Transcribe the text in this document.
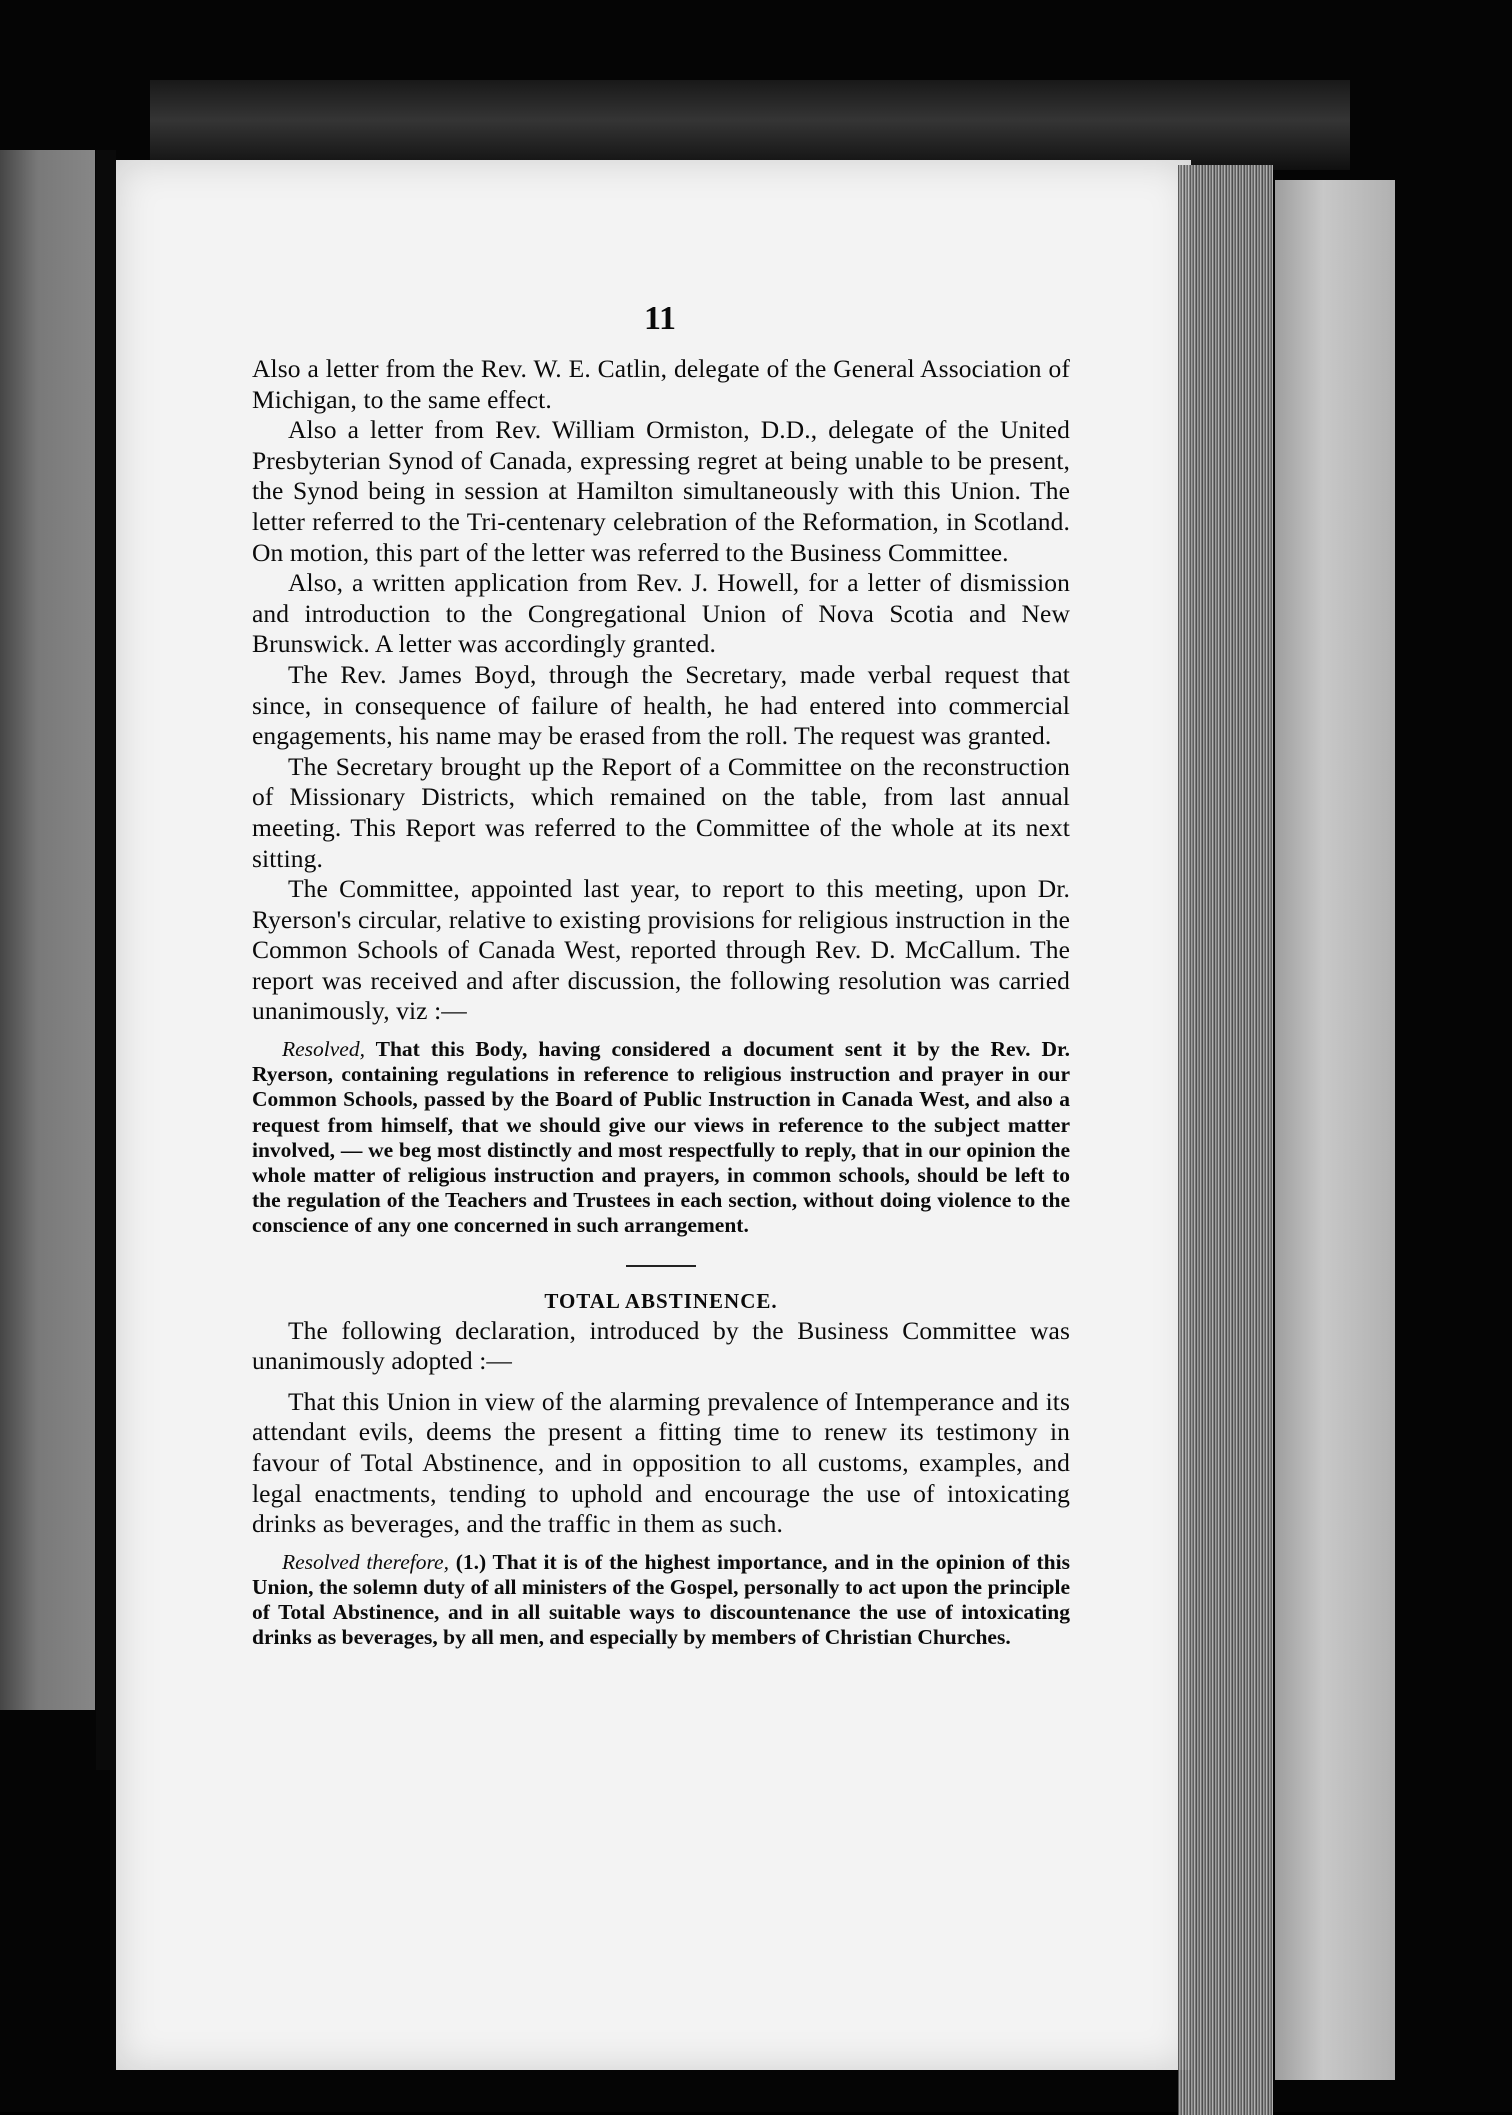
11

Also a letter from the Rev. W. E. Catlin, delegate of the General Association of Michigan, to the same effect.

Also a letter from Rev. William Ormiston, D.D., delegate of the United Presbyterian Synod of Canada, expressing regret at being unable to be present, the Synod being in session at Hamilton simultaneously with this Union. The letter referred to the Tri-centenary celebration of the Reformation, in Scotland. On motion, this part of the letter was referred to the Business Committee.

Also, a written application from Rev. J. Howell, for a letter of dismission and introduction to the Congregational Union of Nova Scotia and New Brunswick. A letter was accordingly granted.

The Rev. James Boyd, through the Secretary, made verbal request that since, in consequence of failure of health, he had entered into commercial engagements, his name may be erased from the roll. The request was granted.

The Secretary brought up the Report of a Committee on the reconstruction of Missionary Districts, which remained on the table, from last annual meeting. This Report was referred to the Committee of the whole at its next sitting.

The Committee, appointed last year, to report to this meeting, upon Dr. Ryerson's circular, relative to existing provisions for religious instruction in the Common Schools of Canada West, reported through Rev. D. McCallum. The report was received and after discussion, the following resolution was carried unanimously, viz :—

Resolved, That this Body, having considered a document sent it by the Rev. Dr. Ryerson, containing regulations in reference to religious instruction and prayer in our Common Schools, passed by the Board of Public Instruction in Canada West, and also a request from himself, that we should give our views in reference to the subject matter involved, — we beg most distinctly and most respectfully to reply, that in our opinion the whole matter of religious instruction and prayers, in common schools, should be left to the regulation of the Teachers and Trustees in each section, without doing violence to the conscience of any one concerned in such arrangement.

TOTAL ABSTINENCE.

The following declaration, introduced by the Business Committee was unanimously adopted :—

That this Union in view of the alarming prevalence of Intemperance and its attendant evils, deems the present a fitting time to renew its testimony in favour of Total Abstinence, and in opposition to all customs, examples, and legal enactments, tending to uphold and encourage the use of intoxicating drinks as beverages, and the traffic in them as such.

Resolved therefore, (1.) That it is of the highest importance, and in the opinion of this Union, the solemn duty of all ministers of the Gospel, personally to act upon the principle of Total Abstinence, and in all suitable ways to discountenance the use of intoxicating drinks as beverages, by all men, and especially by members of Christian Churches.
